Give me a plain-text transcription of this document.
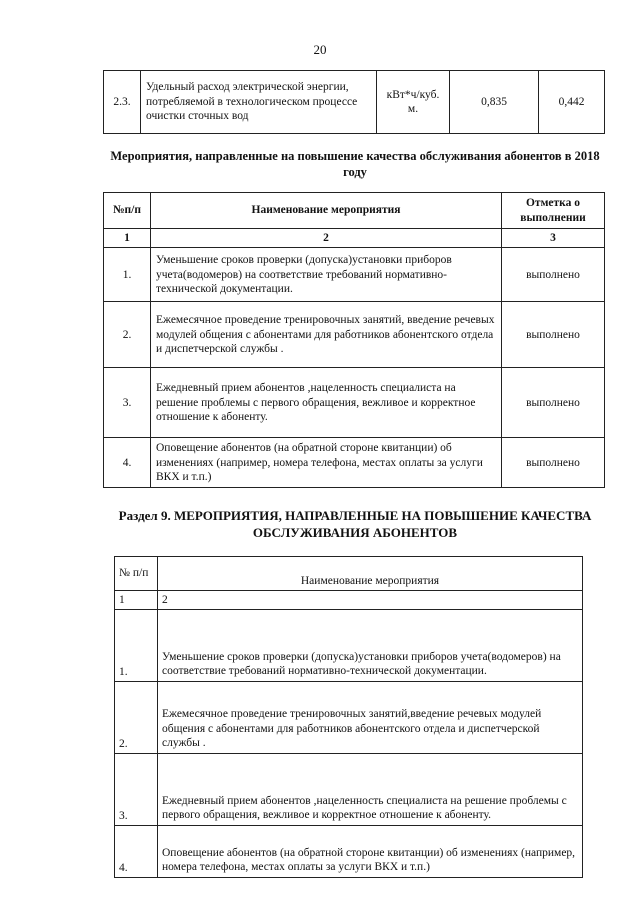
20
2.3.	Удельный расход электрической энергии, потребляемой в технологическом процессе очистки сточных вод	кВт*ч/куб. м.	0,835	0,442
Мероприятия, направленные на повышение качества обслуживания абонентов в 2018 году
№п/п	Наименование мероприятия	Отметка о выполнении
1	2	3
1.	Уменьшение сроков проверки (допуска)установки приборов учета(водомеров) на соответствие требований нормативно-технической документации.	выполнено
2.	Ежемесячное проведение тренировочных занятий, введение речевых модулей общения с абонентами для работников абонентского отдела и диспетчерской службы .	выполнено
3.	Ежедневный прием абонентов ,нацеленность специалиста на решение проблемы с первого обращения, вежливое и корректное отношение к абоненту.	выполнено
4.	Оповещение абонентов (на обратной стороне квитанции) об изменениях (например, номера телефона, местах оплаты за услуги ВКХ и т.п.)	выполнено
Раздел 9. МЕРОПРИЯТИЯ, НАПРАВЛЕННЫЕ НА ПОВЫШЕНИЕ КАЧЕСТВА ОБСЛУЖИВАНИЯ АБОНЕНТОВ
№ п/п	Наименование мероприятия
1	2
1.	Уменьшение сроков проверки (допуска)установки приборов учета(водомеров) на соответствие требований нормативно-технической документации.
2.	Ежемесячное проведение тренировочных занятий,введение речевых модулей общения с абонентами для работников абонентского отдела и диспетчерской службы .
3.	Ежедневный прием абонентов ,нацеленность специалиста на решение проблемы с первого обращения, вежливое и корректное отношение к абоненту.
4.	Оповещение абонентов (на обратной стороне квитанции) об изменениях (например, номера телефона, местах оплаты за услуги ВКХ и т.п.)
